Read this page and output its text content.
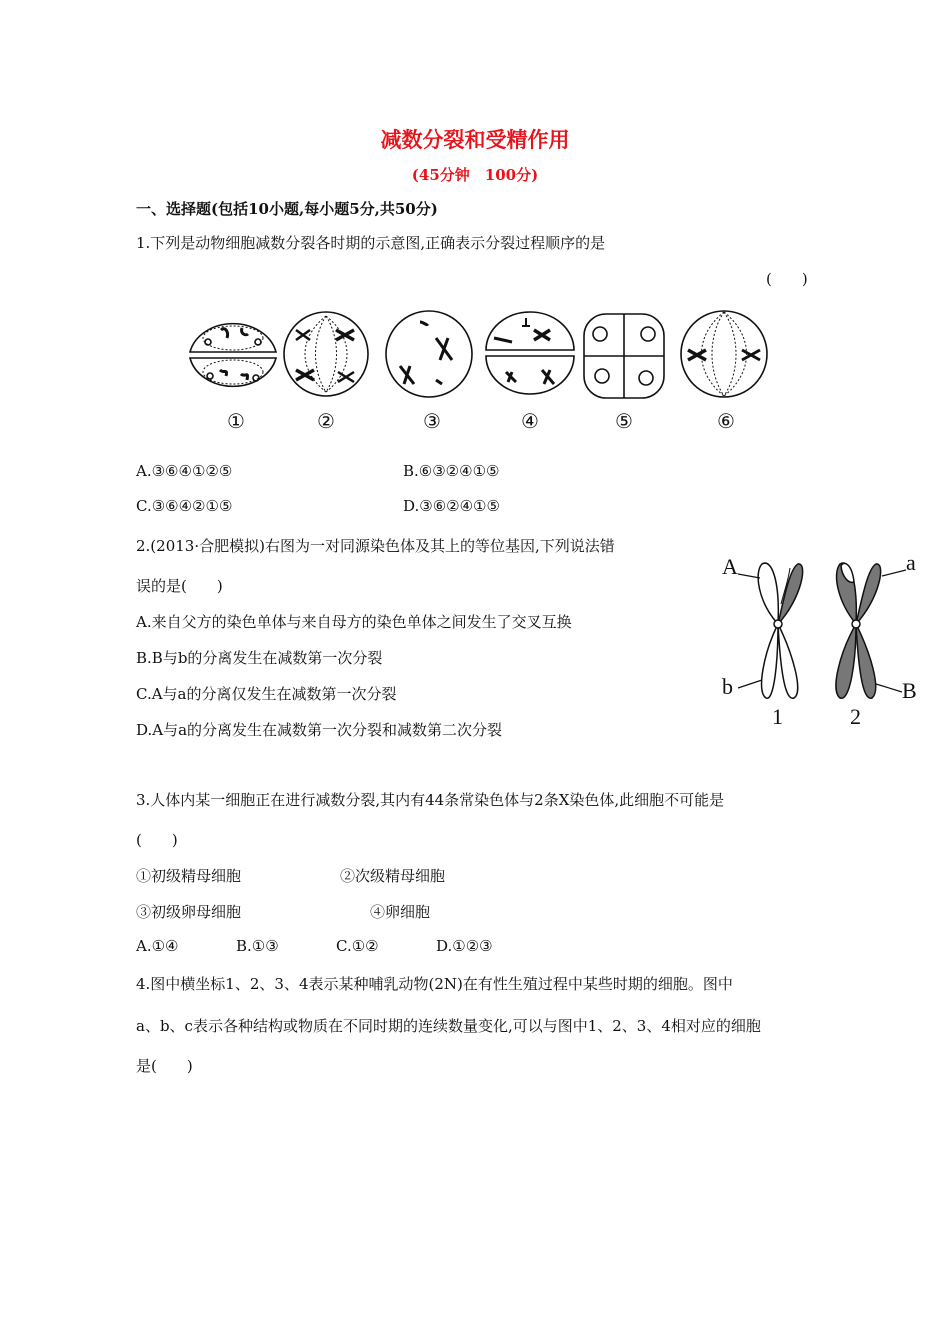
减数分裂和受精作用
(45分钟　100分)
一、选择题(包括10小题,每小题5分,共50分)
1.下列是动物细胞减数分裂各时期的示意图,正确表示分裂过程顺序的是
(　　)
①	②	③	④	⑤	⑥
A.③⑥④①②⑤	B.⑥③②④①⑤
C.③⑥④②①⑤	D.③⑥②④①⑤
2.(2013·合肥模拟)右图为一对同源染色体及其上的等位基因,下列说法错
误的是(　　)
A.来自父方的染色单体与来自母方的染色单体之间发生了交叉互换
B.B与b的分离发生在减数第一次分裂
C.A与a的分离仅发生在减数第一次分裂
D.A与a的分离发生在减数第一次分裂和减数第二次分裂
A	a
b	B
1	2
3.人体内某一细胞正在进行减数分裂,其内有44条常染色体与2条X染色体,此细胞不可能是
(　　)
①初级精母细胞	②次级精母细胞
③初级卵母细胞	④卵细胞
A.①④	B.①③	C.①②	D.①②③
4.图中横坐标1、2、3、4表示某种哺乳动物(2N)在有性生殖过程中某些时期的细胞。图中
a、b、c表示各种结构或物质在不同时期的连续数量变化,可以与图中1、2、3、4相对应的细胞
是(　　)
